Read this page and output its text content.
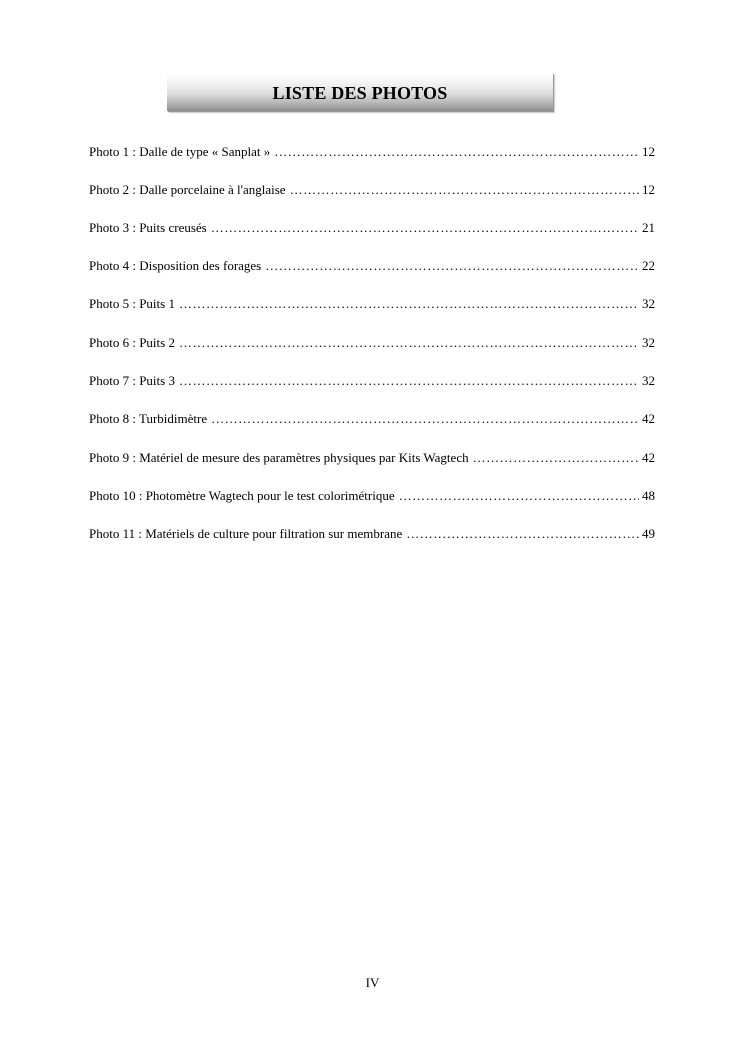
LISTE DES PHOTOS
Photo 1 : Dalle de type « Sanplat » ………………………………………………………………………………………………………………………………………………………………	12
Photo 2 : Dalle porcelaine à l'anglaise ………………………………………………………………………………………………………………………………………………………………	12
Photo 3 : Puits creusés ………………………………………………………………………………………………………………………………………………………………	21
Photo 4 : Disposition des forages ………………………………………………………………………………………………………………………………………………………………	22
Photo 5 : Puits 1 ………………………………………………………………………………………………………………………………………………………………	32
Photo 6 : Puits 2 ………………………………………………………………………………………………………………………………………………………………	32
Photo 7 : Puits 3 ………………………………………………………………………………………………………………………………………………………………	32
Photo 8 : Turbidimètre ………………………………………………………………………………………………………………………………………………………………	42
Photo 9 : Matériel de mesure des paramètres physiques par Kits Wagtech ………………………………………………………………………………………………………………………………………………………………	42
Photo 10 : Photomètre Wagtech pour le test colorimétrique ………………………………………………………………………………………………………………………………………………………………	48
Photo 11 : Matériels de culture pour filtration sur membrane ………………………………………………………………………………………………………………………………………………………………	49
IV
